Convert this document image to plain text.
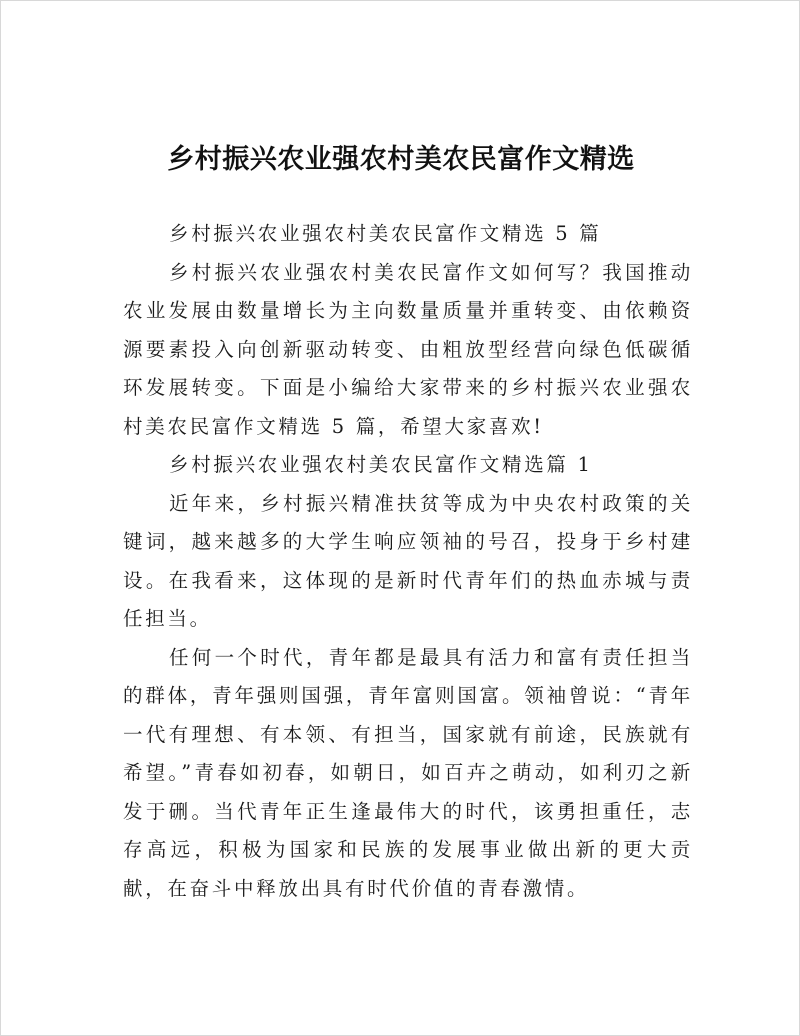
乡村振兴农业强农村美农民富作文精选

乡村振兴农业强农村美农民富作文精选 5 篇

乡村振兴农业强农村美农民富作文如何写？我国推动农业发展由数量增长为主向数量质量并重转变、由依赖资源要素投入向创新驱动转变、由粗放型经营向绿色低碳循环发展转变。下面是小编给大家带来的乡村振兴农业强农村美农民富作文精选 5 篇，希望大家喜欢!

乡村振兴农业强农村美农民富作文精选篇 1

近年来，乡村振兴精准扶贫等成为中央农村政策的关键词，越来越多的大学生响应领袖的号召，投身于乡村建设。在我看来，这体现的是新时代青年们的热血赤城与责任担当。

任何一个时代，青年都是最具有活力和富有责任担当的群体，青年强则国强，青年富则国富。领袖曾说：“青年一代有理想、有本领、有担当，国家就有前途，民族就有希望。”青春如初春，如朝日，如百卉之萌动，如利刃之新发于硎。当代青年正生逢最伟大的时代，该勇担重任，志存高远，积极为国家和民族的发展事业做出新的更大贡献，在奋斗中释放出具有时代价值的青春激情。
